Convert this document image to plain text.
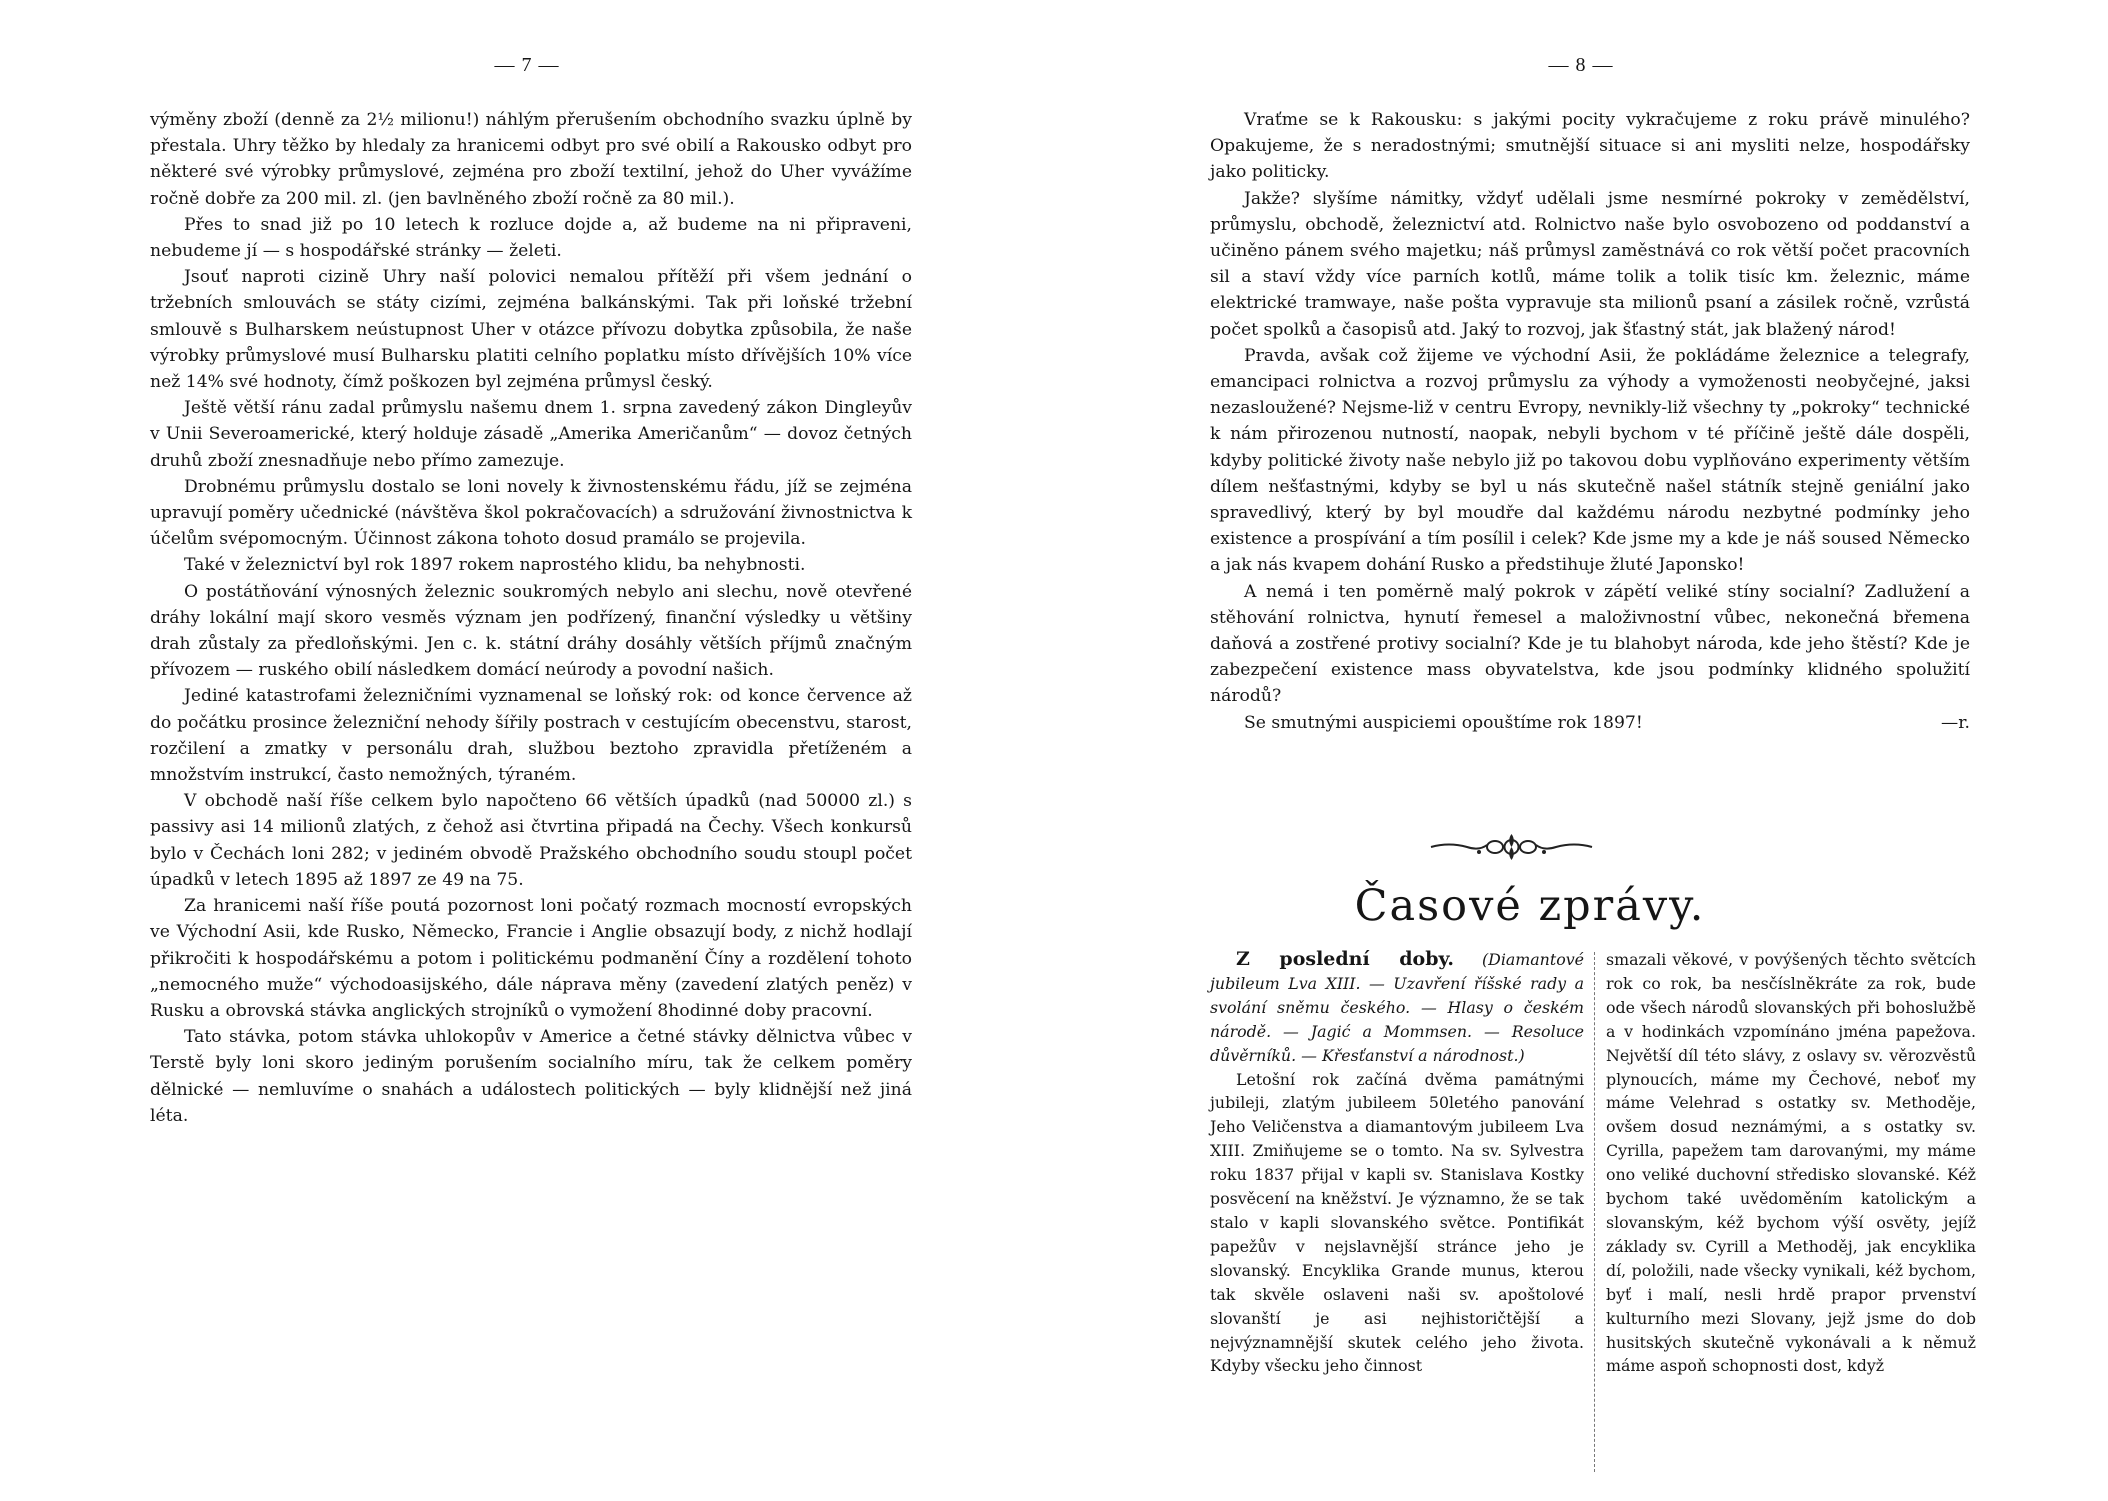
— 7 —

výměny zboží (denně za 2½ milionu!) náhlým přerušením obchodního svazku úplně by přestala. Uhry těžko by hledaly za hranicemi odbyt pro své obilí a Rakousko odbyt pro některé své výrobky průmyslové, zejména pro zboží textilní, jehož do Uher vyvážíme ročně dobře za 200 mil. zl. (jen bavlněného zboží ročně za 80 mil.).

Přes to snad již po 10 letech k rozluce dojde a, až budeme na ni připraveni, nebudeme jí — s hospodářské stránky — želeti.

Jsouť naproti cizině Uhry naší polovici nemalou přítěží při všem jednání o tržebních smlouvách se státy cizími, zejména balkánskými. Tak při loňské tržební smlouvě s Bulharskem neústupnost Uher v otázce přívozu dobytka způsobila, že naše výrobky průmyslové musí Bulharsku platiti celního poplatku místo dřívějších 10% více než 14% své hodnoty, čímž poškozen byl zejména průmysl český.

Ještě větší ránu zadal průmyslu našemu dnem 1. srpna zavedený zákon Dingleyův v Unii Severoamerické, který holduje zásadě „Amerika Američanům“ — dovoz četných druhů zboží znesnadňuje nebo přímo zamezuje.

Drobnému průmyslu dostalo se loni novely k živnostenskému řádu, jíž se zejména upravují poměry učednické (návštěva škol pokračovacích) a sdružování živnostnictva k účelům svépomocným. Účinnost zákona tohoto dosud pramálo se projevila.

Také v železnictví byl rok 1897 rokem naprostého klidu, ba nehybnosti.

O postátňování výnosných železnic soukromých nebylo ani slechu, nově otevřené dráhy lokální mají skoro vesměs význam jen podřízený, finanční výsledky u většiny drah zůstaly za předloňskými. Jen c. k. státní dráhy dosáhly větších příjmů značným přívozem — ruského obilí následkem domácí neúrody a povodní našich.

Jediné katastrofami železničními vyznamenal se loňský rok: od konce července až do počátku prosince železniční nehody šířily postrach v cestujícím obecenstvu, starost, rozčilení a zmatky v personálu drah, službou beztoho zpravidla přetíženém a množstvím instrukcí, často nemožných, týraném.

V obchodě naší říše celkem bylo napočteno 66 větších úpadků (nad 50000 zl.) s passivy asi 14 milionů zlatých, z čehož asi čtvrtina připadá na Čechy. Všech konkursů bylo v Čechách loni 282; v jediném obvodě Pražského obchodního soudu stoupl počet úpadků v letech 1895 až 1897 ze 49 na 75.

Za hranicemi naší říše poutá pozornost loni počatý rozmach mocností evropských ve Východní Asii, kde Rusko, Německo, Francie i Anglie obsazují body, z nichž hodlají přikročiti k hospodářskému a potom i politickému podmanění Číny a rozdělení tohoto „nemocného muže“ východoasijského, dále náprava měny (zavedení zlatých peněz) v Rusku a obrovská stávka anglických strojníků o vymožení 8hodinné doby pracovní.

Tato stávka, potom stávka uhlokopův v Americe a četné stávky dělnictva vůbec v Terstě byly loni skoro jediným porušením socialního míru, tak že celkem poměry dělnické — nemluvíme o snahách a událostech politických — byly klidnější než jiná léta.

— 8 —

Vraťme se k Rakousku: s jakými pocity vykračujeme z roku právě minulého? Opakujeme, že s neradostnými; smutnější situace si ani mysliti nelze, hospodářsky jako politicky.

Jakže? slyšíme námitky, vždyť udělali jsme nesmírné pokroky v zemědělství, průmyslu, obchodě, železnictví atd. Rolnictvo naše bylo osvobozeno od poddanství a učiněno pánem svého majetku; náš průmysl zaměstnává co rok větší počet pracovních sil a staví vždy více parních kotlů, máme tolik a tolik tisíc km. železnic, máme elektrické tramwaye, naše pošta vypravuje sta milionů psaní a zásilek ročně, vzrůstá počet spolků a časopisů atd. Jaký to rozvoj, jak šťastný stát, jak blažený národ!

Pravda, avšak což žijeme ve východní Asii, že pokládáme železnice a telegrafy, emancipaci rolnictva a rozvoj průmyslu za výhody a vymoženosti neobyčejné, jaksi nezasloužené? Nejsme-liž v centru Evropy, nevnikly-liž všechny ty „pokroky“ technické k nám přirozenou nutností, naopak, nebyli bychom v té příčině ještě dále dospěli, kdyby politické životy naše nebylo již po takovou dobu vyplňováno experimenty větším dílem nešťastnými, kdyby se byl u nás skutečně našel státník stejně geniální jako spravedlivý, který by byl moudře dal každému národu nezbytné podmínky jeho existence a prospívání a tím posílil i celek? Kde jsme my a kde je náš soused Německo a jak nás kvapem dohání Rusko a předstihuje žluté Japonsko!

A nemá i ten poměrně malý pokrok v zápětí veliké stíny socialní? Zadlužení a stěhování rolnictva, hynutí řemesel a maloživnostní vůbec, nekonečná břemena daňová a zostřené protivy socialní? Kde je tu blahobyt národa, kde jeho štěstí? Kde je zabezpečení existence mass obyvatelstva, kde jsou podmínky klidného spolužití národů?

Se smutnými auspiciemi opouštíme rok 1897!	—r.

Časové zprávy.

Z poslední doby. (Diamantové jubileum Lva XIII. — Uzavření říšské rady a svolání sněmu českého. — Hlasy o českém národě. — Jagić a Mommsen. — Resoluce důvěrníků. — Křesťanství a národnost.)

Letošní rok začíná dvěma památnými jubileji, zlatým jubileem 50letého panování Jeho Veličenstva a diamantovým jubileem Lva XIII. Zmiňujeme se o tomto. Na sv. Sylvestra roku 1837 přijal v kapli sv. Stanislava Kostky posvěcení na kněžství. Je významno, že se tak stalo v kapli slovanského světce. Pontifikát papežův v nejslavnější stránce jeho je slovanský. Encyklika Grande munus, kterou tak skvěle oslaveni naši sv. apoštolové slovanští je asi nejhistoričtější a nejvýznamnější skutek celého jeho života. Kdyby všecku jeho činnost

smazali věkové, v povýšených těchto světcích rok co rok, ba nesčíslněkráte za rok, bude ode všech národů slovanských při bohoslužbě a v hodinkách vzpomínáno jména papežova. Největší díl této slávy, z oslavy sv. věrozvěstů plynoucích, máme my Čechové, neboť my máme Velehrad s ostatky sv. Methoděje, ovšem dosud neznámými, a s ostatky sv. Cyrilla, papežem tam darovanými, my máme ono veliké duchovní středisko slovanské. Kéž bychom také uvědoměním katolickým a slovanským, kéž bychom výší osvěty, jejíž základy sv. Cyrill a Methoděj, jak encyklika dí, položili, nade všecky vynikali, kéž bychom, byť i malí, nesli hrdě prapor prvenství kulturního mezi Slovany, jejž jsme do dob husitských skutečně vykonávali a k němuž máme aspoň schopnosti dost, když
